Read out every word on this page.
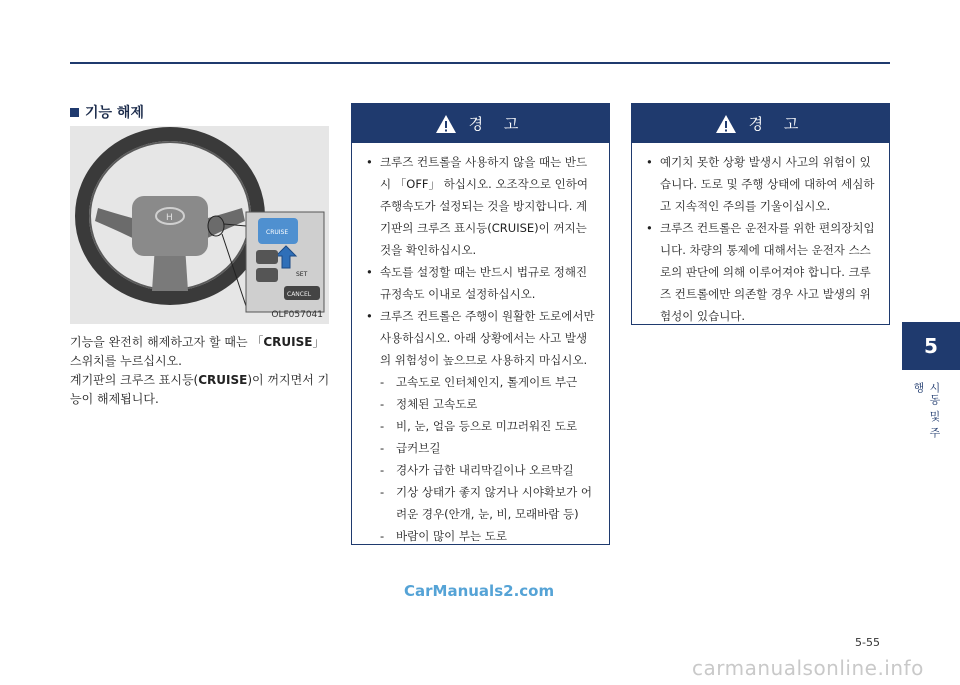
5
시동 및 주행
기능 해제
H
CRUISE
SET
CANCEL
OLF057041

기능을 완전히 해제하고자 할 때는 「CRUISE」 스위치를 누르십시오.

계기판의 크루즈 표시등(CRUISE)이 꺼지면서 기능이 해제됩니다.

경 고
• 크루즈 컨트롤을 사용하지 않을 때는 반드시 「OFF」 하십시오. 오조작으로 인하여 주행속도가 설정되는 것을 방지합니다. 계기판의 크루즈 표시등(CRUISE)이 꺼지는 것을 확인하십시오.
• 속도를 설정할 때는 반드시 법규로 정해진 규정속도 이내로 설정하십시오.
• 크루즈 컨트롤은 주행이 원활한 도로에서만 사용하십시오. 아래 상황에서는 사고 발생의 위험성이 높으므로 사용하지 마십시오.
- 고속도로 인터체인지, 톨게이트 부근
- 정체된 고속도로
- 비, 눈, 얼음 등으로 미끄러워진 도로
- 급커브길
- 경사가 급한 내리막길이나 오르막길
- 기상 상태가 좋지 않거나 시야확보가 어려운 경우(안개, 눈, 비, 모래바람 등)
- 바람이 많이 부는 도로
경 고
• 예기치 못한 상황 발생시 사고의 위험이 있습니다. 도로 및 주행 상태에 대하여 세심하고 지속적인 주의를 기울이십시오.
• 크루즈 컨트롤은 운전자를 위한 편의장치입니다. 차량의 통제에 대해서는 운전자 스스로의 판단에 의해 이루어져야 합니다. 크루즈 컨트롤에만 의존할 경우 사고 발생의 위험성이 있습니다.
CarManuals2.com
5-55
carmanualsonline.info
